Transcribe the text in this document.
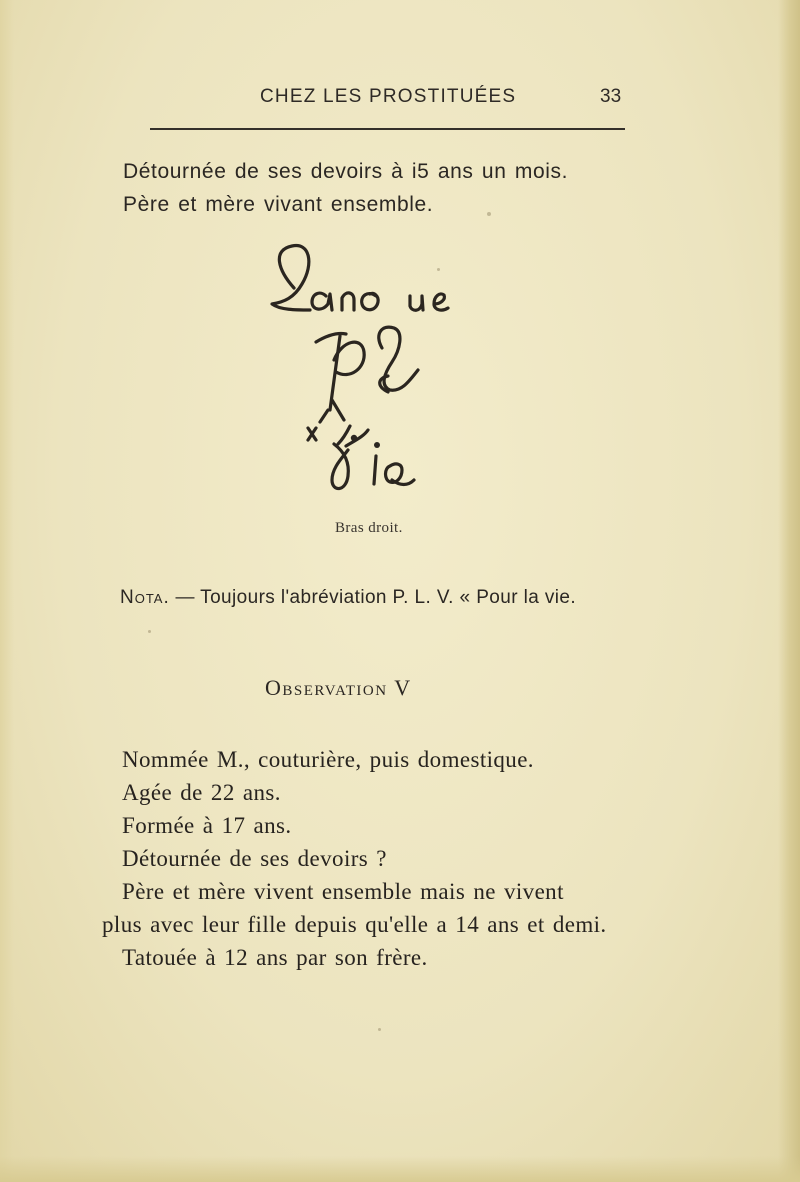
CHEZ LES PROSTITUÉES	33
Détournée de ses devoirs à i5 ans un mois.
Père et mère vivant ensemble.
Bras droit.
Nota. — Toujours l'abréviation P. L. V. « Pour la vie.
Observation V
Nommée M., couturière, puis domestique.
Agée de 22 ans.
Formée à 17 ans.
Détournée de ses devoirs ?
Père et mère vivent ensemble mais ne vivent
plus avec leur fille depuis qu'elle a 14 ans et demi.
Tatouée à 12 ans par son frère.
